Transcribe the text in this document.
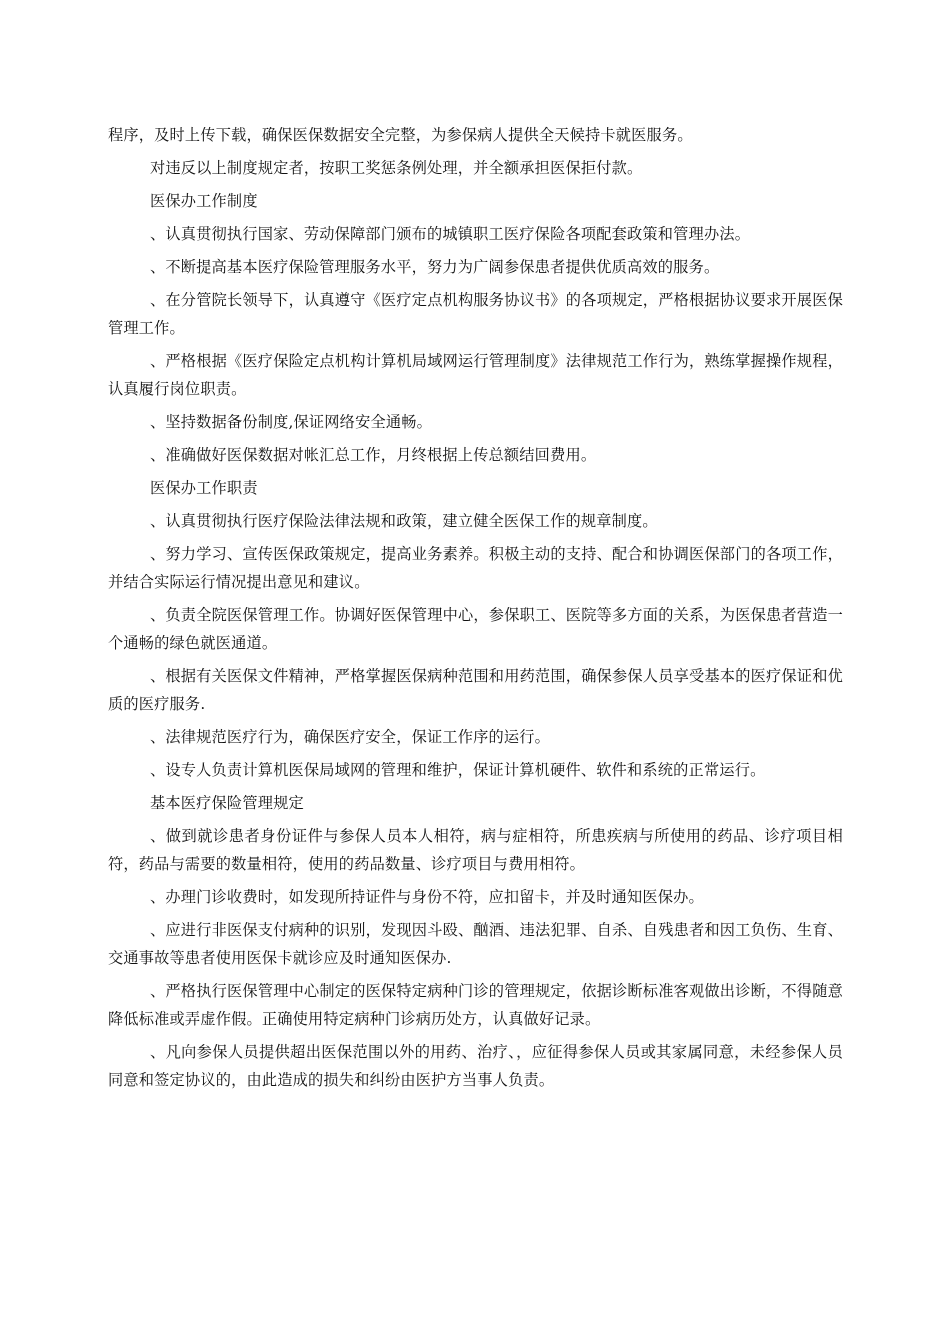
程序，及时上传下载，确保医保数据安全完整，为参保病人提供全天候持卡就医服务。

对违反以上制度规定者，按职工奖惩条例处理，并全额承担医保拒付款。

医保办工作制度

、认真贯彻执行国家、劳动保障部门颁布的城镇职工医疗保险各项配套政策和管理办法。

、不断提高基本医疗保险管理服务水平，努力为广阔参保患者提供优质高效的服务。

、在分管院长领导下，认真遵守《医疗定点机构服务协议书》的各项规定，严格根据协议要求开展医保管理工作。

、严格根据《医疗保险定点机构计算机局域网运行管理制度》法律规范工作行为，熟练掌握操作规程，认真履行岗位职责。

、坚持数据备份制度,保证网络安全通畅。

、准确做好医保数据对帐汇总工作，月终根据上传总额结回费用。

医保办工作职责

、认真贯彻执行医疗保险法律法规和政策，建立健全医保工作的规章制度。

、努力学习、宣传医保政策规定，提高业务素养。积极主动的支持、配合和协调医保部门的各项工作，并结合实际运行情况提出意见和建议。

、负责全院医保管理工作。协调好医保管理中心，参保职工、医院等多方面的关系，为医保患者营造一个通畅的绿色就医通道。

、根据有关医保文件精神，严格掌握医保病种范围和用药范围，确保参保人员享受基本的医疗保证和优质的医疗服务.

、法律规范医疗行为，确保医疗安全，保证工作序的运行。

、设专人负责计算机医保局域网的管理和维护，保证计算机硬件、软件和系统的正常运行。

基本医疗保险管理规定

、做到就诊患者身份证件与参保人员本人相符，病与症相符，所患疾病与所使用的药品、诊疗项目相符，药品与需要的数量相符，使用的药品数量、诊疗项目与费用相符。

、办理门诊收费时，如发现所持证件与身份不符，应扣留卡，并及时通知医保办。

、应进行非医保支付病种的识别，发现因斗殴、酗酒、违法犯罪、自杀、自残患者和因工负伤、生育、交通事故等患者使用医保卡就诊应及时通知医保办.

、严格执行医保管理中心制定的医保特定病种门诊的管理规定，依据诊断标准客观做出诊断，不得随意降低标准或弄虚作假。正确使用特定病种门诊病历处方，认真做好记录。

、凡向参保人员提供超出医保范围以外的用药、治疗、，应征得参保人员或其家属同意，未经参保人员同意和签定协议的，由此造成的损失和纠纷由医护方当事人负责。
